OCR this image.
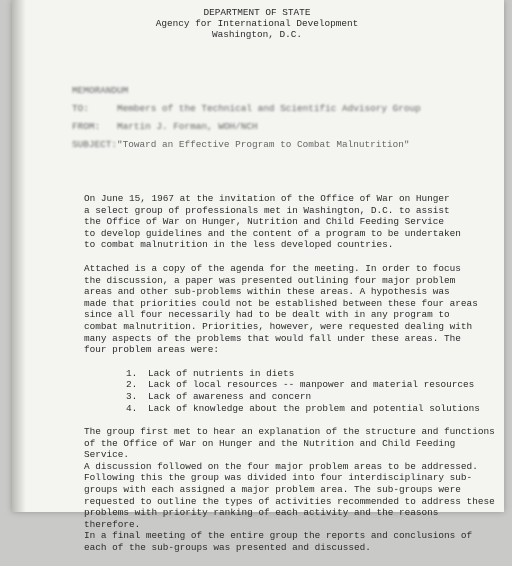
DEPARTMENT OF STATE
Agency for International Development
Washington, D.C.
MEMORANDUM
TO:	Members of the Technical and Scientific Advisory Group
FROM: Martin J. Forman, WOH/NCH
SUBJECT:"Toward an Effective Program to Combat Malnutrition"

On June 15, 1967 at the invitation of the Office of War on Hunger
a select group of professionals met in Washington, D.C. to assist
the Office of War on Hunger, Nutrition and Child Feeding Service
to develop guidelines and the content of a program to be undertaken
to combat malnutrition in the less developed countries.

Attached is a copy of the agenda for the meeting. In order to focus
the discussion, a paper was presented outlining four major problem
areas and other sub-problems within these areas. A hypothesis was
made that priorities could not be established between these four areas
since all four necessarily had to be dealt with in any program to
combat malnutrition. Priorities, however, were requested dealing with
many aspects of the problems that would fall under these areas. The
four problem areas were:

1. Lack of nutrients in diets
2. Lack of local resources -- manpower and material resources
3. Lack of awareness and concern
4. Lack of knowledge about the problem and potential solutions

The group first met to hear an explanation of the structure and functions
of the Office of War on Hunger and the Nutrition and Child Feeding Service.
A discussion followed on the four major problem areas to be addressed.
Following this the group was divided into four interdisciplinary sub-
groups with each assigned a major problem area. The sub-groups were
requested to outline the types of activities recommended to address these
problems with priority ranking of each activity and the reasons therefore.
In a final meeting of the entire group the reports and conclusions of
each of the sub-groups was presented and discussed.
